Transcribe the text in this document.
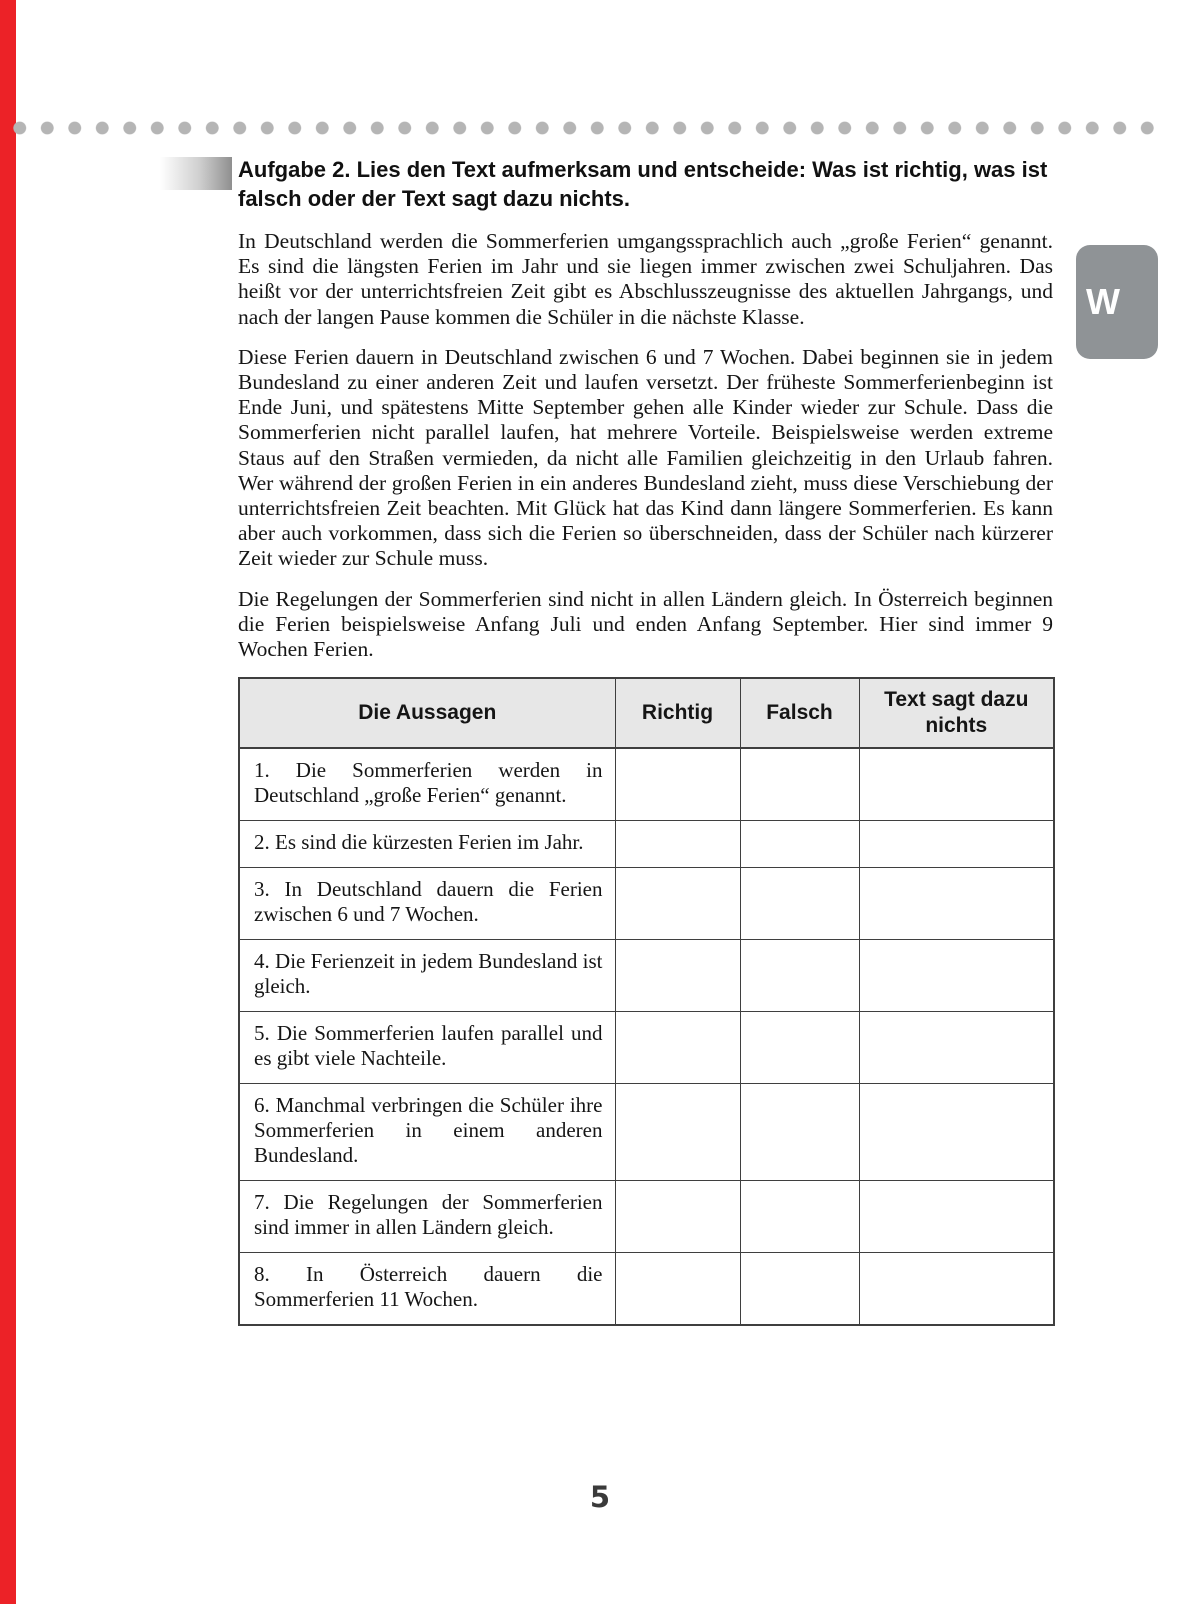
W
Aufgabe 2. Lies den Text aufmerksam und entscheide: Was ist richtig, was ist falsch oder der Text sagt dazu nichts.

In Deutschland werden die Sommerferien umgangssprachlich auch „große Ferien“ genannt. Es sind die längsten Ferien im Jahr und sie liegen immer zwischen zwei Schuljahren. Das heißt vor der unterrichtsfreien Zeit gibt es Abschlusszeugnisse des aktuellen Jahrgangs, und nach der langen Pause kommen die Schüler in die nächste Klasse.

Diese Ferien dauern in Deutschland zwischen 6 und 7 Wochen. Dabei beginnen sie in jedem Bundesland zu einer anderen Zeit und laufen versetzt. Der früheste Sommerferienbeginn ist Ende Juni, und spätestens Mitte September gehen alle Kinder wieder zur Schule. Dass die Sommerferien nicht parallel laufen, hat mehrere Vorteile. Beispielsweise werden extreme Staus auf den Straßen vermieden, da nicht alle Familien gleichzeitig in den Urlaub fahren. Wer während der großen Ferien in ein anderes Bundesland zieht, muss diese Verschiebung der unterrichtsfreien Zeit beachten. Mit Glück hat das Kind dann längere Sommerferien. Es kann aber auch vorkommen, dass sich die Ferien so überschneiden, dass der Schüler nach kürzerer Zeit wieder zur Schule muss.

Die Regelungen der Sommerferien sind nicht in allen Ländern gleich. In Österreich beginnen die Ferien beispielsweise Anfang Juli und enden Anfang September. Hier sind immer 9 Wochen Ferien.

Die Aussagen	Richtig	Falsch	Text sagt dazu nichts
1. Die Sommerferien werden in Deutschland „große Ferien“ genannt.			
2. Es sind die kürzesten Ferien im Jahr.			
3. In Deutschland dauern die Ferien zwischen 6 und 7 Wochen.			
4. Die Ferienzeit in jedem Bundesland ist gleich.			
5. Die Sommerferien laufen parallel und es gibt viele Nachteile.			
6. Manchmal verbringen die Schüler ihre Sommerferien in einem anderen Bundesland.			
7. Die Regelungen der Sommerferien sind immer in allen Ländern gleich.			
8. In Österreich dauern die Sommerferien 11 Wochen.			
5
